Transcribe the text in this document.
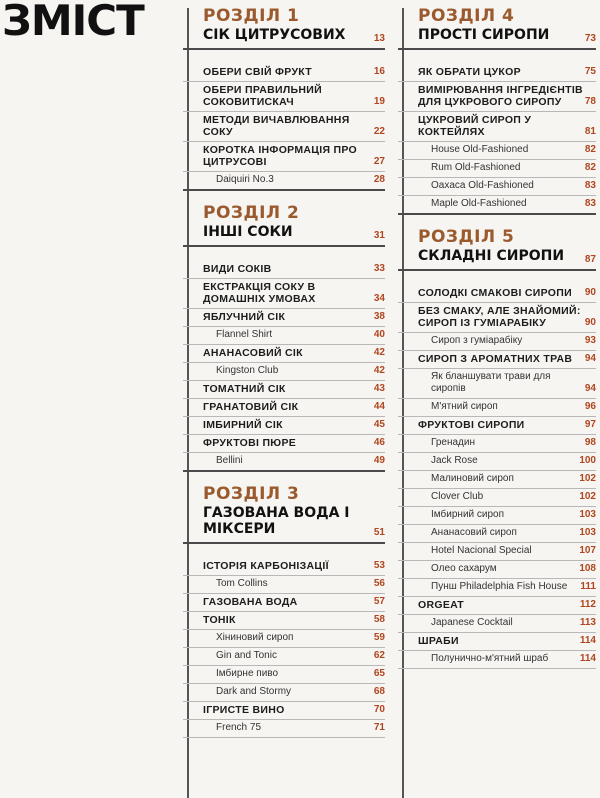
ЗМІСТ	РОЗДІЛ 1
СІК ЦИТРУСОВИХ	13
ОБЕРИ СВІЙ ФРУКТ	16
ОБЕРИ ПРАВИЛЬНИЙ СОКОВИТИСКАЧ	19
МЕТОДИ ВИЧАВЛЮВАННЯ СОКУ	22
КОРОТКА ІНФОРМАЦІЯ ПРО ЦИТРУСОВІ	27
Daiquiri No.3	28
РОЗДІЛ 2
ІНШІ СОКИ	31
ВИДИ СОКІВ	33
ЕКСТРАКЦІЯ СОКУ В ДОМАШНІХ УМОВАХ	34
ЯБЛУЧНИЙ СІК	38
Flannel Shirt	40
АНАНАСОВИЙ СІК	42
Kingston Club	42
ТОМАТНИЙ СІК	43
ГРАНАТОВИЙ СІК	44
ІМБИРНИЙ СІК	45
ФРУКТОВІ ПЮРЕ	46
Bellini	49
РОЗДІЛ 3
ГАЗОВАНА ВОДА І МІКСЕРИ	51
ІСТОРІЯ КАРБОНІЗАЦІЇ	53
Tom Collins	56
ГАЗОВАНА ВОДА	57
ТОНІК	58
Хіниновий сироп	59
Gin and Tonic	62
Імбирне пиво	65
Dark and Stormy	68
ІГРИСТЕ ВИНО	70
French 75	71
РОЗДІЛ 4
ПРОСТІ СИРОПИ	73
ЯК ОБРАТИ ЦУКОР	75
ВИМІРЮВАННЯ ІНГРЕДІЄНТІВ ДЛЯ ЦУКРОВОГО СИРОПУ	78
ЦУКРОВИЙ СИРОП У КОКТЕЙЛЯХ	81
House Old-Fashioned	82
Rum Old-Fashioned	82
Oaxaca Old-Fashioned	83
Maple Old-Fashioned	83
РОЗДІЛ 5
СКЛАДНІ СИРОПИ 87
СОЛОДКІ СМАКОВІ СИРОПИ 90
БЕЗ СМАКУ, АЛЕ ЗНАЙОМИЙ: СИРОП ІЗ ГУМІАРАБІКУ	90
Сироп з гуміарабіку	93
СИРОП З АРОМАТНИХ ТРАВ 94
Як бланшувати трави для сиропів	94
М'ятний сироп	96
ФРУКТОВІ СИРОПИ	97
Гренадин	98
Jack Rose	100
Малиновий сироп	102
Clover Club	102
Імбирний сироп	103
Ананасовий сироп	103
Hotel Nacional Special	107
Олео сахарум	108
Пунш Philadelphia Fish House 111
ORGEAT	112
Japanese Cocktail	113
ШРАБИ	114
Полунично-м'ятний шраб	114
